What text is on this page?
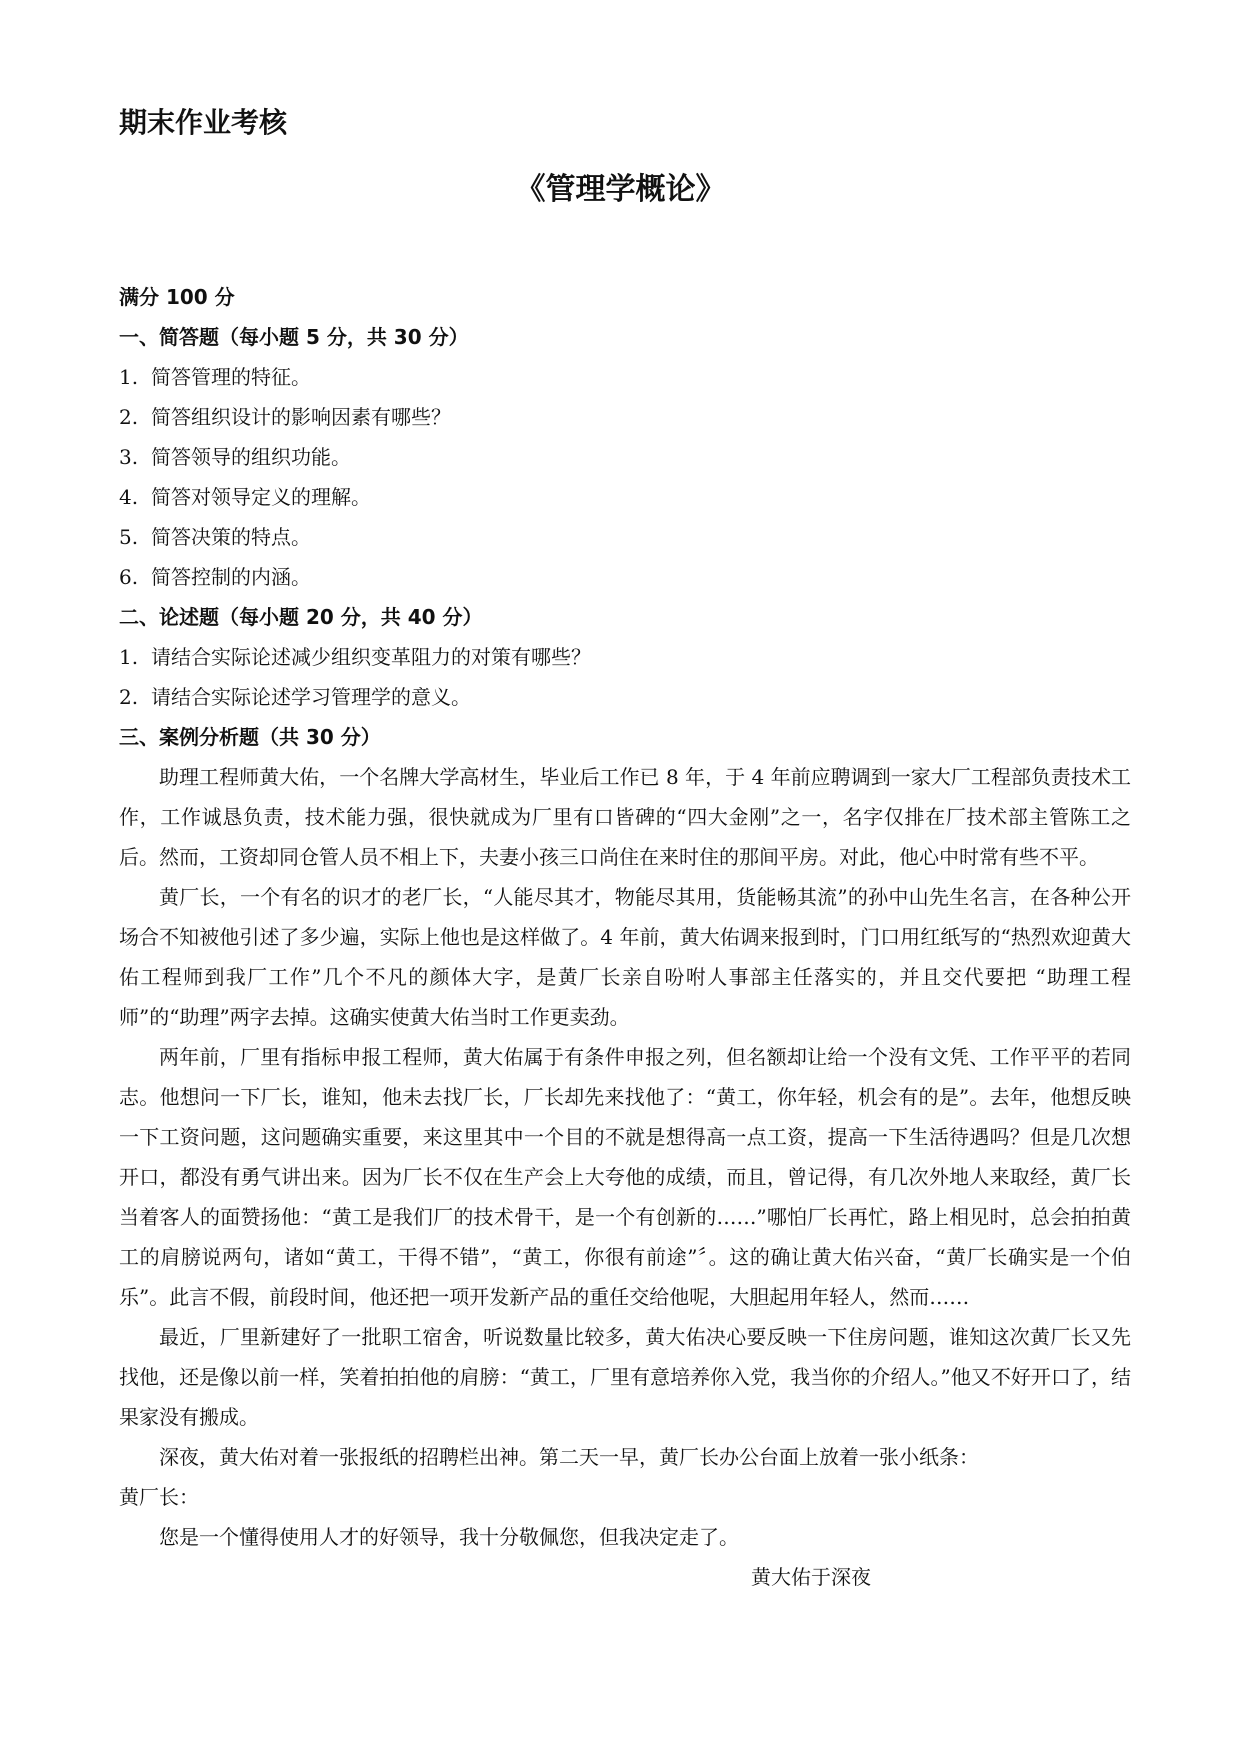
期末作业考核
《管理学概论》
满分 100 分
一、简答题（每小题 5 分，共 30 分）
1. 简答管理的特征。
2. 简答组织设计的影响因素有哪些？
3. 简答领导的组织功能。
4. 简答对领导定义的理解。
5. 简答决策的特点。
6. 简答控制的内涵。
二、论述题（每小题 20 分，共 40 分）
1. 请结合实际论述减少组织变革阻力的对策有哪些？
2. 请结合实际论述学习管理学的意义。
三、案例分析题（共 30 分）

助理工程师黄大佑，一个名牌大学高材生，毕业后工作已 8 年，于 4 年前应聘调到一家大厂工程部负责技术工作，工作诚恳负责，技术能力强，很快就成为厂里有口皆碑的“四大金刚”之一，名字仅排在厂技术部主管陈工之后。然而，工资却同仓管人员不相上下，夫妻小孩三口尚住在来时住的那间平房。对此，他心中时常有些不平。

黄厂长，一个有名的识才的老厂长，“人能尽其才，物能尽其用，货能畅其流”的孙中山先生名言，在各种公开场合不知被他引述了多少遍，实际上他也是这样做了。4 年前，黄大佑调来报到时，门口用红纸写的“热烈欢迎黄大佑工程师到我厂工作”几个不凡的颜体大字，是黄厂长亲自吩咐人事部主任落实的，并且交代要把 “助理工程师”的“助理”两字去掉。这确实使黄大佑当时工作更卖劲。

两年前，厂里有指标申报工程师，黄大佑属于有条件申报之列，但名额却让给一个没有文凭、工作平平的若同志。他想问一下厂长，谁知，他未去找厂长，厂长却先来找他了：“黄工，你年轻，机会有的是”。去年，他想反映一下工资问题，这问题确实重要，来这里其中一个目的不就是想得高一点工资，提高一下生活待遇吗？但是几次想开口，都没有勇气讲出来。因为厂长不仅在生产会上大夸他的成绩，而且，曾记得，有几次外地人来取经，黄厂长当着客人的面赞扬他：“黄工是我们厂的技术骨干，是一个有创新的……”哪怕厂长再忙，路上相见时，总会拍拍黄工的肩膀说两句，诸如“黄工，干得不错”，“黄工，你很有前途”〞。这的确让黄大佑兴奋，“黄厂长确实是一个伯乐”。此言不假，前段时间，他还把一项开发新产品的重任交给他呢，大胆起用年轻人，然而……

最近，厂里新建好了一批职工宿舍，听说数量比较多，黄大佑决心要反映一下住房问题，谁知这次黄厂长又先找他，还是像以前一样，笑着拍拍他的肩膀：“黄工，厂里有意培养你入党，我当你的介绍人。”他又不好开口了，结果家没有搬成。

深夜，黄大佑对着一张报纸的招聘栏出神。第二天一早，黄厂长办公台面上放着一张小纸条：

黄厂长：
您是一个懂得使用人才的好领导，我十分敬佩您，但我决定走了。
黄大佑于深夜
